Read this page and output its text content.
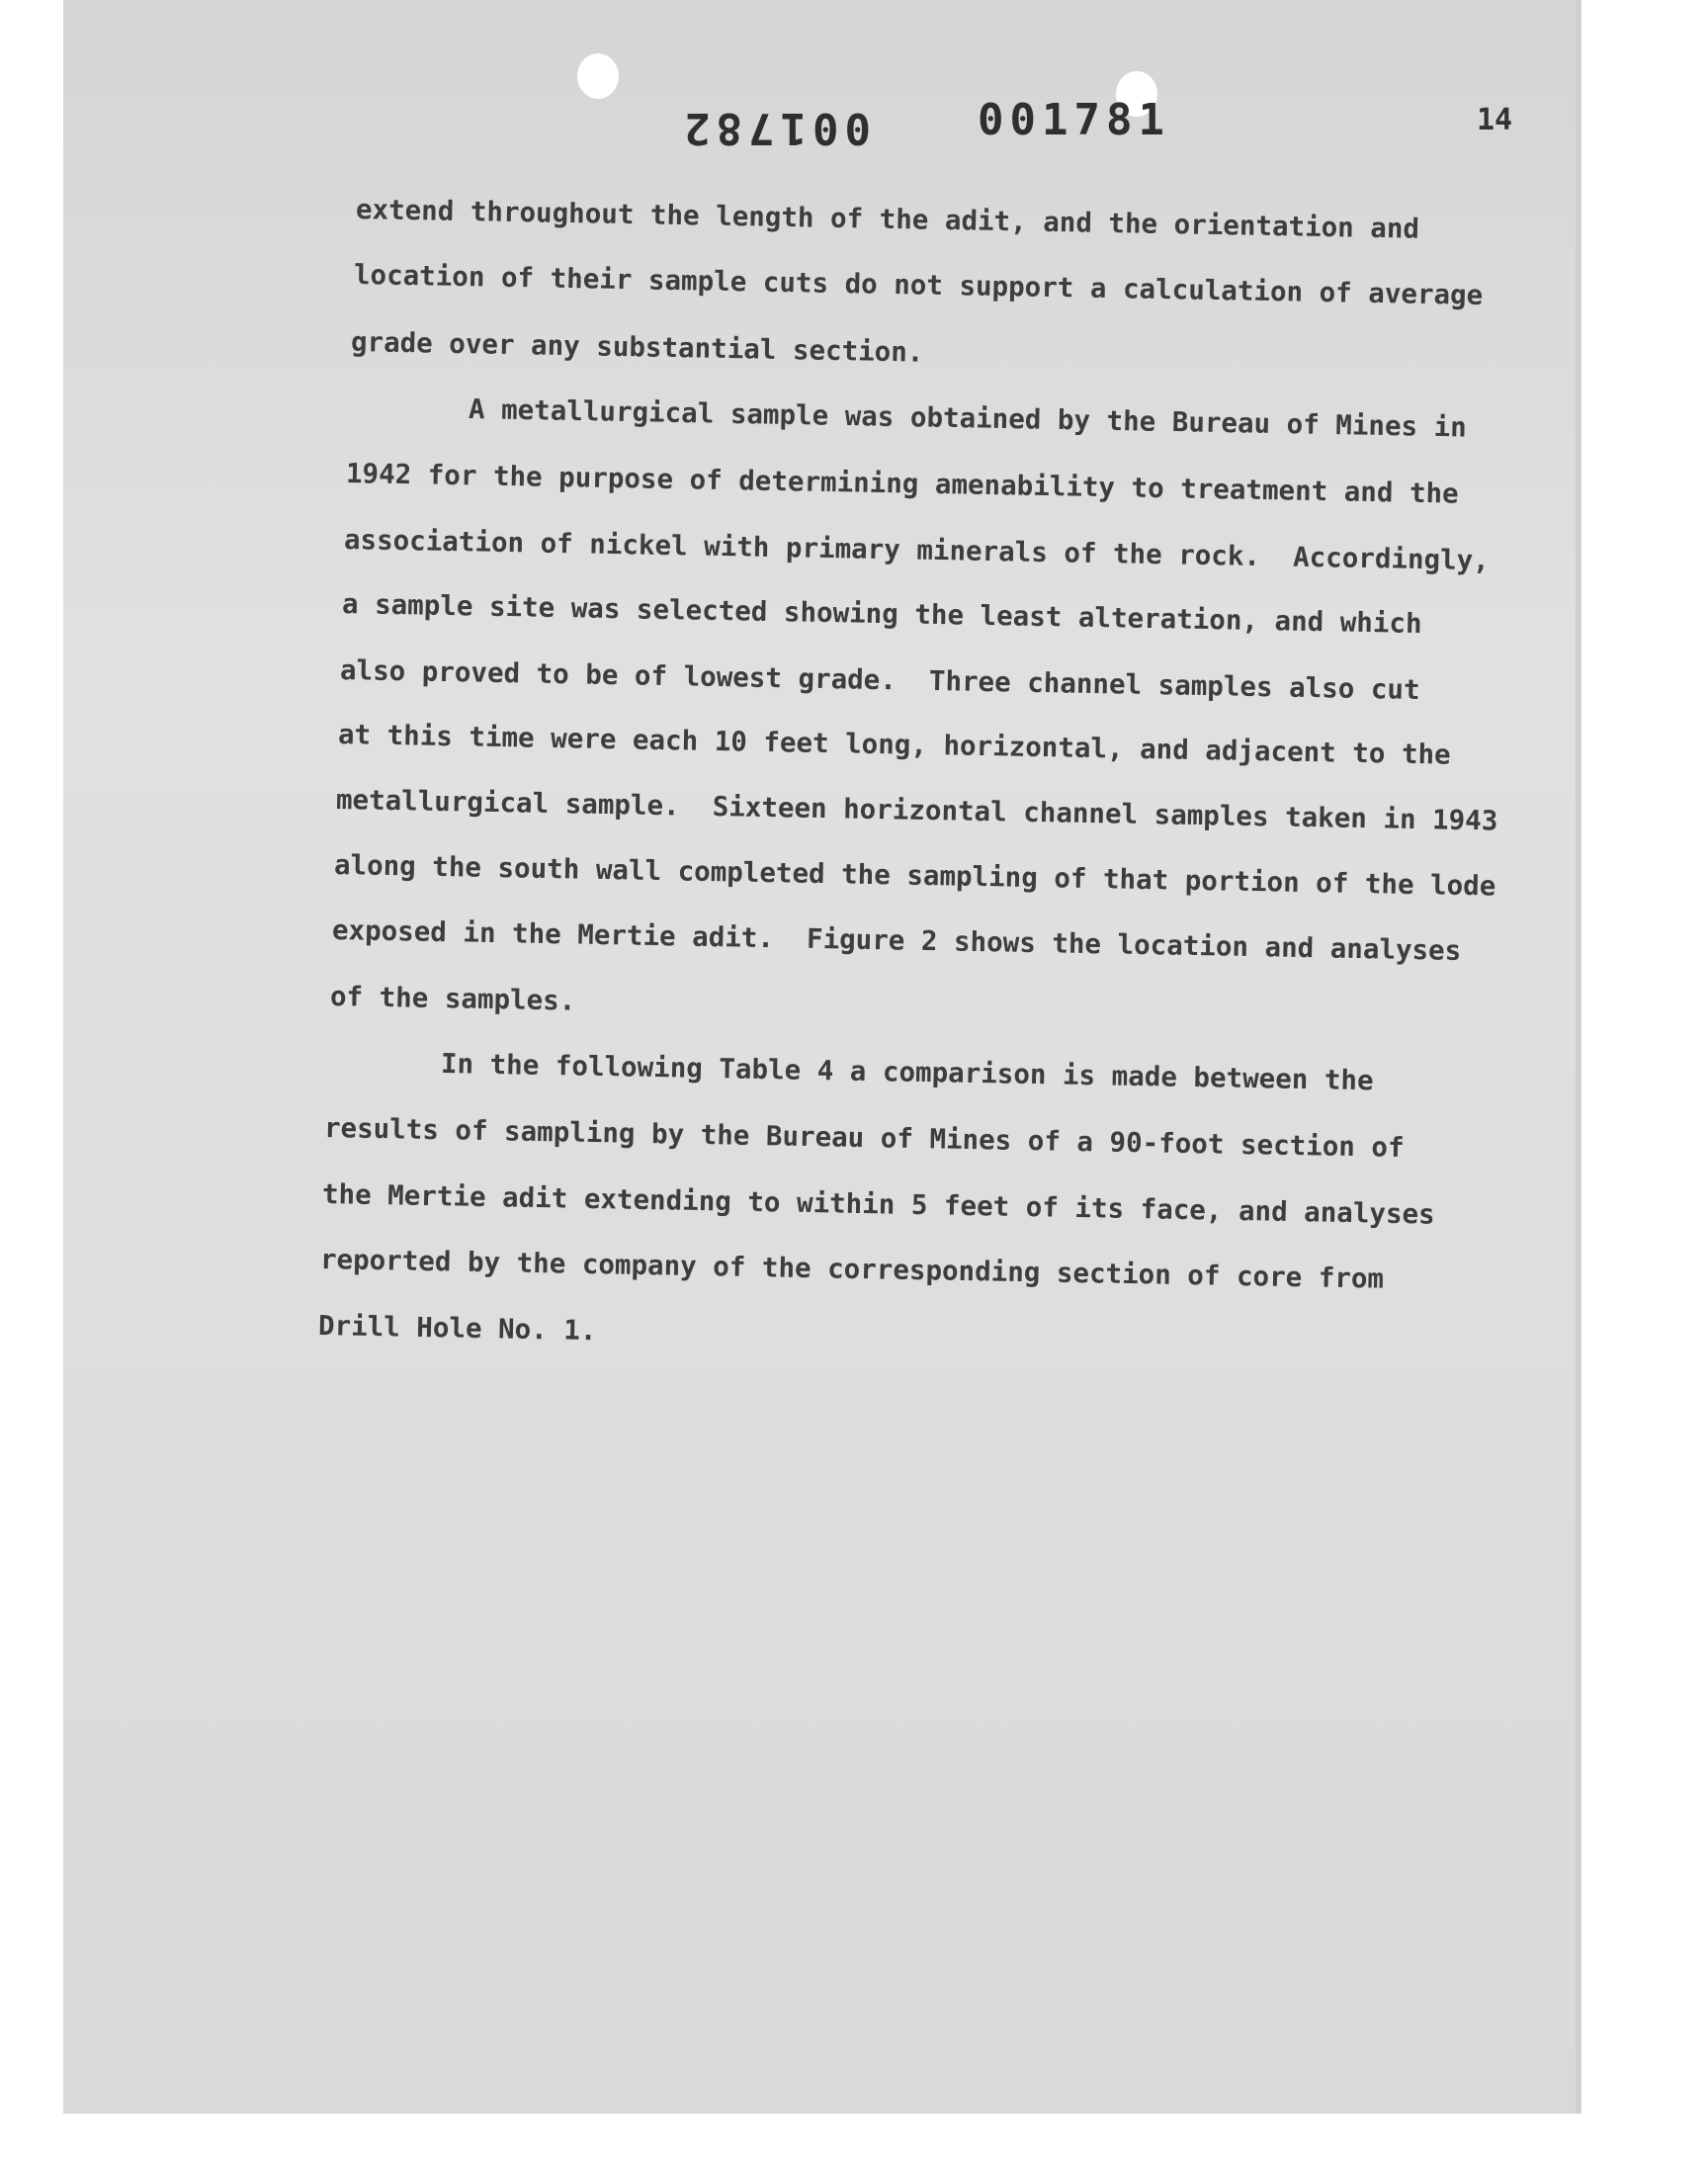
001782 001781	14
extend throughout the length of the adit, and the orientation and
location of their sample cuts do not support a calculation of average
grade over any substantial section.
A metallurgical sample was obtained by the Bureau of Mines in
1942 for the purpose of determining amenability to treatment and the
association of nickel with primary minerals of the rock.  Accordingly,
a sample site was selected showing the least alteration, and which
also proved to be of lowest grade.  Three channel samples also cut
at this time were each 10 feet long, horizontal, and adjacent to the
metallurgical sample.  Sixteen horizontal channel samples taken in 1943
along the south wall completed the sampling of that portion of the lode
exposed in the Mertie adit.  Figure 2 shows the location and analyses
of the samples.
In the following Table 4 a comparison is made between the
results of sampling by the Bureau of Mines of a 90-foot section of
the Mertie adit extending to within 5 feet of its face, and analyses
reported by the company of the corresponding section of core from
Drill Hole No. 1.
